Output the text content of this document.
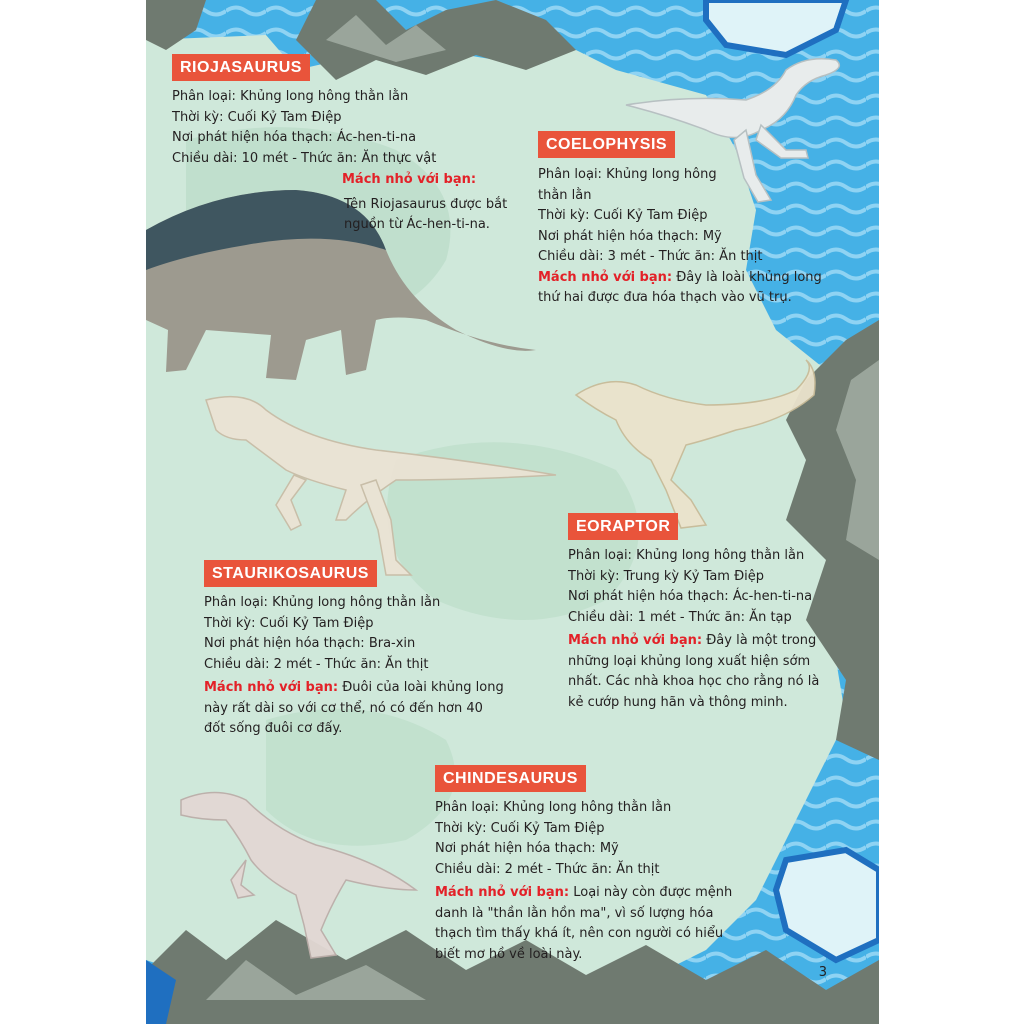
RIOJASAURUS
Phân loại: Khủng long hông thằn lằn
Thời kỳ: Cuối Kỷ Tam Điệp
Nơi phát hiện hóa thạch: Ác-hen-ti-na
Chiều dài: 10 mét - Thức ăn: Ăn thực vật
Mách nhỏ với bạn:
Tên Riojasaurus được bắt
nguồn từ Ác-hen-ti-na.
COELOPHYSIS
Phân loại: Khủng long hông
thằn lằn
Thời kỳ: Cuối Kỷ Tam Điệp
Nơi phát hiện hóa thạch: Mỹ
Chiều dài: 3 mét - Thức ăn: Ăn thịt
Mách nhỏ với bạn: Đây là loài khủng long
thứ hai được đưa hóa thạch vào vũ trụ.
EORAPTOR
Phân loại: Khủng long hông thằn lằn
Thời kỳ: Trung kỳ Kỷ Tam Điệp
Nơi phát hiện hóa thạch: Ác-hen-ti-na
Chiều dài: 1 mét - Thức ăn: Ăn tạp
Mách nhỏ với bạn: Đây là một trong
những loại khủng long xuất hiện sớm
nhất. Các nhà khoa học cho rằng nó là
kẻ cướp hung hãn và thông minh.
STAURIKOSAURUS
Phân loại: Khủng long hông thằn lằn
Thời kỳ: Cuối Kỷ Tam Điệp
Nơi phát hiện hóa thạch: Bra-xin
Chiều dài: 2 mét - Thức ăn: Ăn thịt
Mách nhỏ với bạn: Đuôi của loài khủng long
này rất dài so với cơ thể, nó có đến hơn 40
đốt sống đuôi cơ đấy.
CHINDESAURUS
Phân loại: Khủng long hông thằn lằn
Thời kỳ: Cuối Kỷ Tam Điệp
Nơi phát hiện hóa thạch: Mỹ
Chiều dài: 2 mét - Thức ăn: Ăn thịt
Mách nhỏ với bạn: Loại này còn được mệnh
danh là "thần lằn hồn ma", vì số lượng hóa
thạch tìm thấy khá ít, nên con người có hiểu
biết mơ hồ về loài này.
3
